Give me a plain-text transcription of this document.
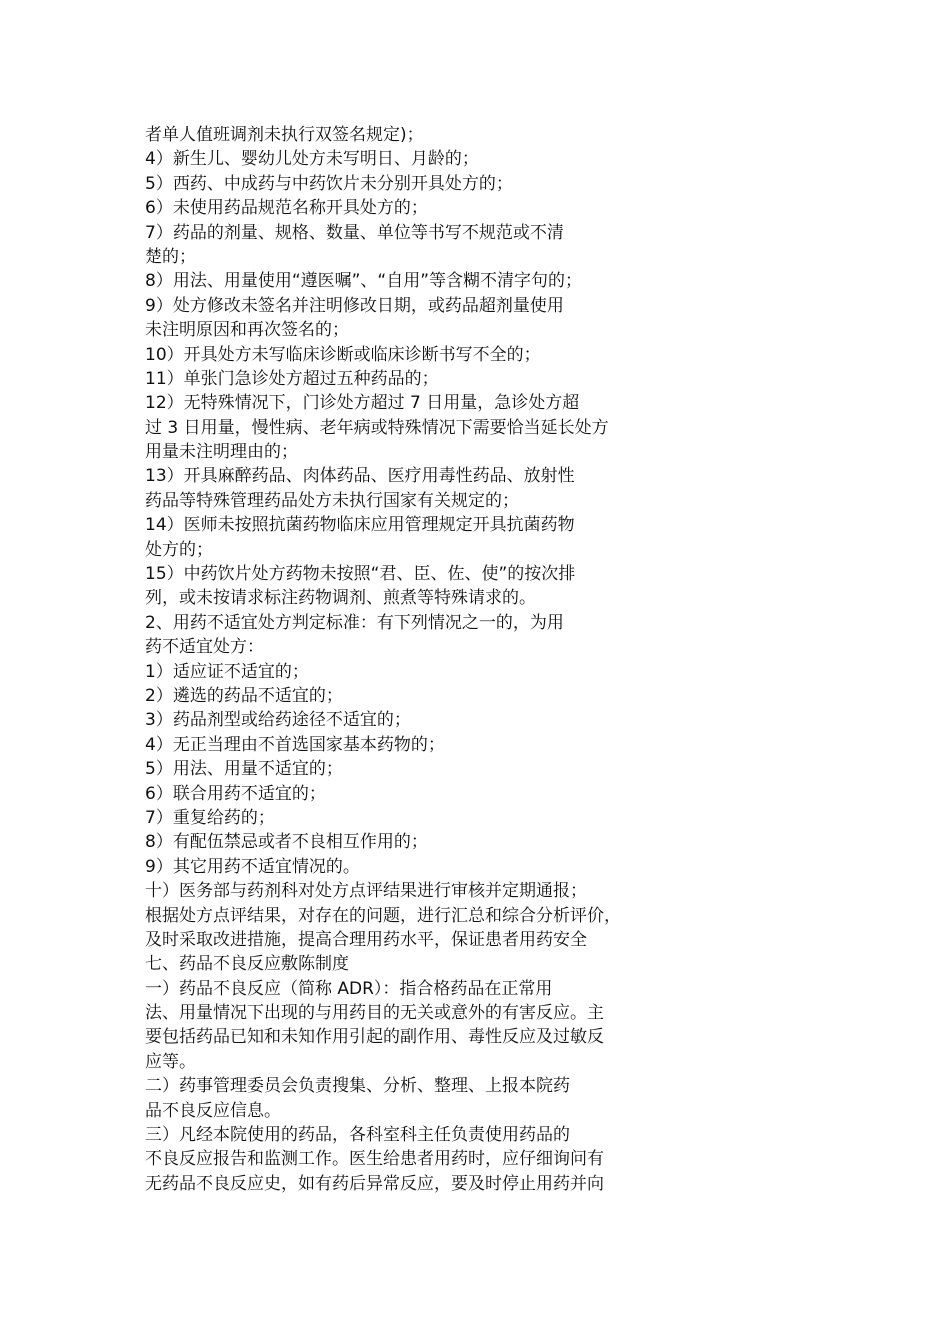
者单人值班调剂未执行双签名规定)；
4）新生儿、婴幼儿处方未写明日、月龄的；
5）西药、中成药与中药饮片未分别开具处方的；
6）未使用药品规范名称开具处方的；
7）药品的剂量、规格、数量、单位等书写不规范或不清
楚的；
8）用法、用量使用“遵医嘱”、“自用”等含糊不清字句的；
9）处方修改未签名并注明修改日期，或药品超剂量使用
未注明原因和再次签名的；
10）开具处方未写临床诊断或临床诊断书写不全的；
11）单张门急诊处方超过五种药品的；
12）无特殊情况下，门诊处方超过 7 日用量，急诊处方超
过 3 日用量，慢性病、老年病或特殊情况下需要恰当延长处方
用量未注明理由的；
13）开具麻醉药品、肉体药品、医疗用毒性药品、放射性
药品等特殊管理药品处方未执行国家有关规定的；
14）医师未按照抗菌药物临床应用管理规定开具抗菌药物
处方的；
15）中药饮片处方药物未按照“君、臣、佐、使”的按次排
列，或未按请求标注药物调剂、煎煮等特殊请求的。
2、用药不适宜处方判定标准：有下列情况之一的，为用
药不适宜处方：
1）适应证不适宜的；
2）遴选的药品不适宜的；
3）药品剂型或给药途径不适宜的；
4）无正当理由不首选国家基本药物的；
5）用法、用量不适宜的；
6）联合用药不适宜的；
7）重复给药的；
8）有配伍禁忌或者不良相互作用的；
9）其它用药不适宜情况的。
十）医务部与药剂科对处方点评结果进行审核并定期通报；
根据处方点评结果，对存在的问题，进行汇总和综合分析评价，
及时采取改进措施，提高合理用药水平，保证患者用药安全
七、药品不良反应敷陈制度
一）药品不良反应（简称 ADR）：指合格药品在正常用
法、用量情况下出现的与用药目的无关或意外的有害反应。主
要包括药品已知和未知作用引起的副作用、毒性反应及过敏反
应等。
二）药事管理委员会负责搜集、分析、整理、上报本院药
品不良反应信息。
三）凡经本院使用的药品，各科室科主任负责使用药品的
不良反应报告和监测工作。医生给患者用药时，应仔细询问有
无药品不良反应史，如有药后异常反应，要及时停止用药并向
